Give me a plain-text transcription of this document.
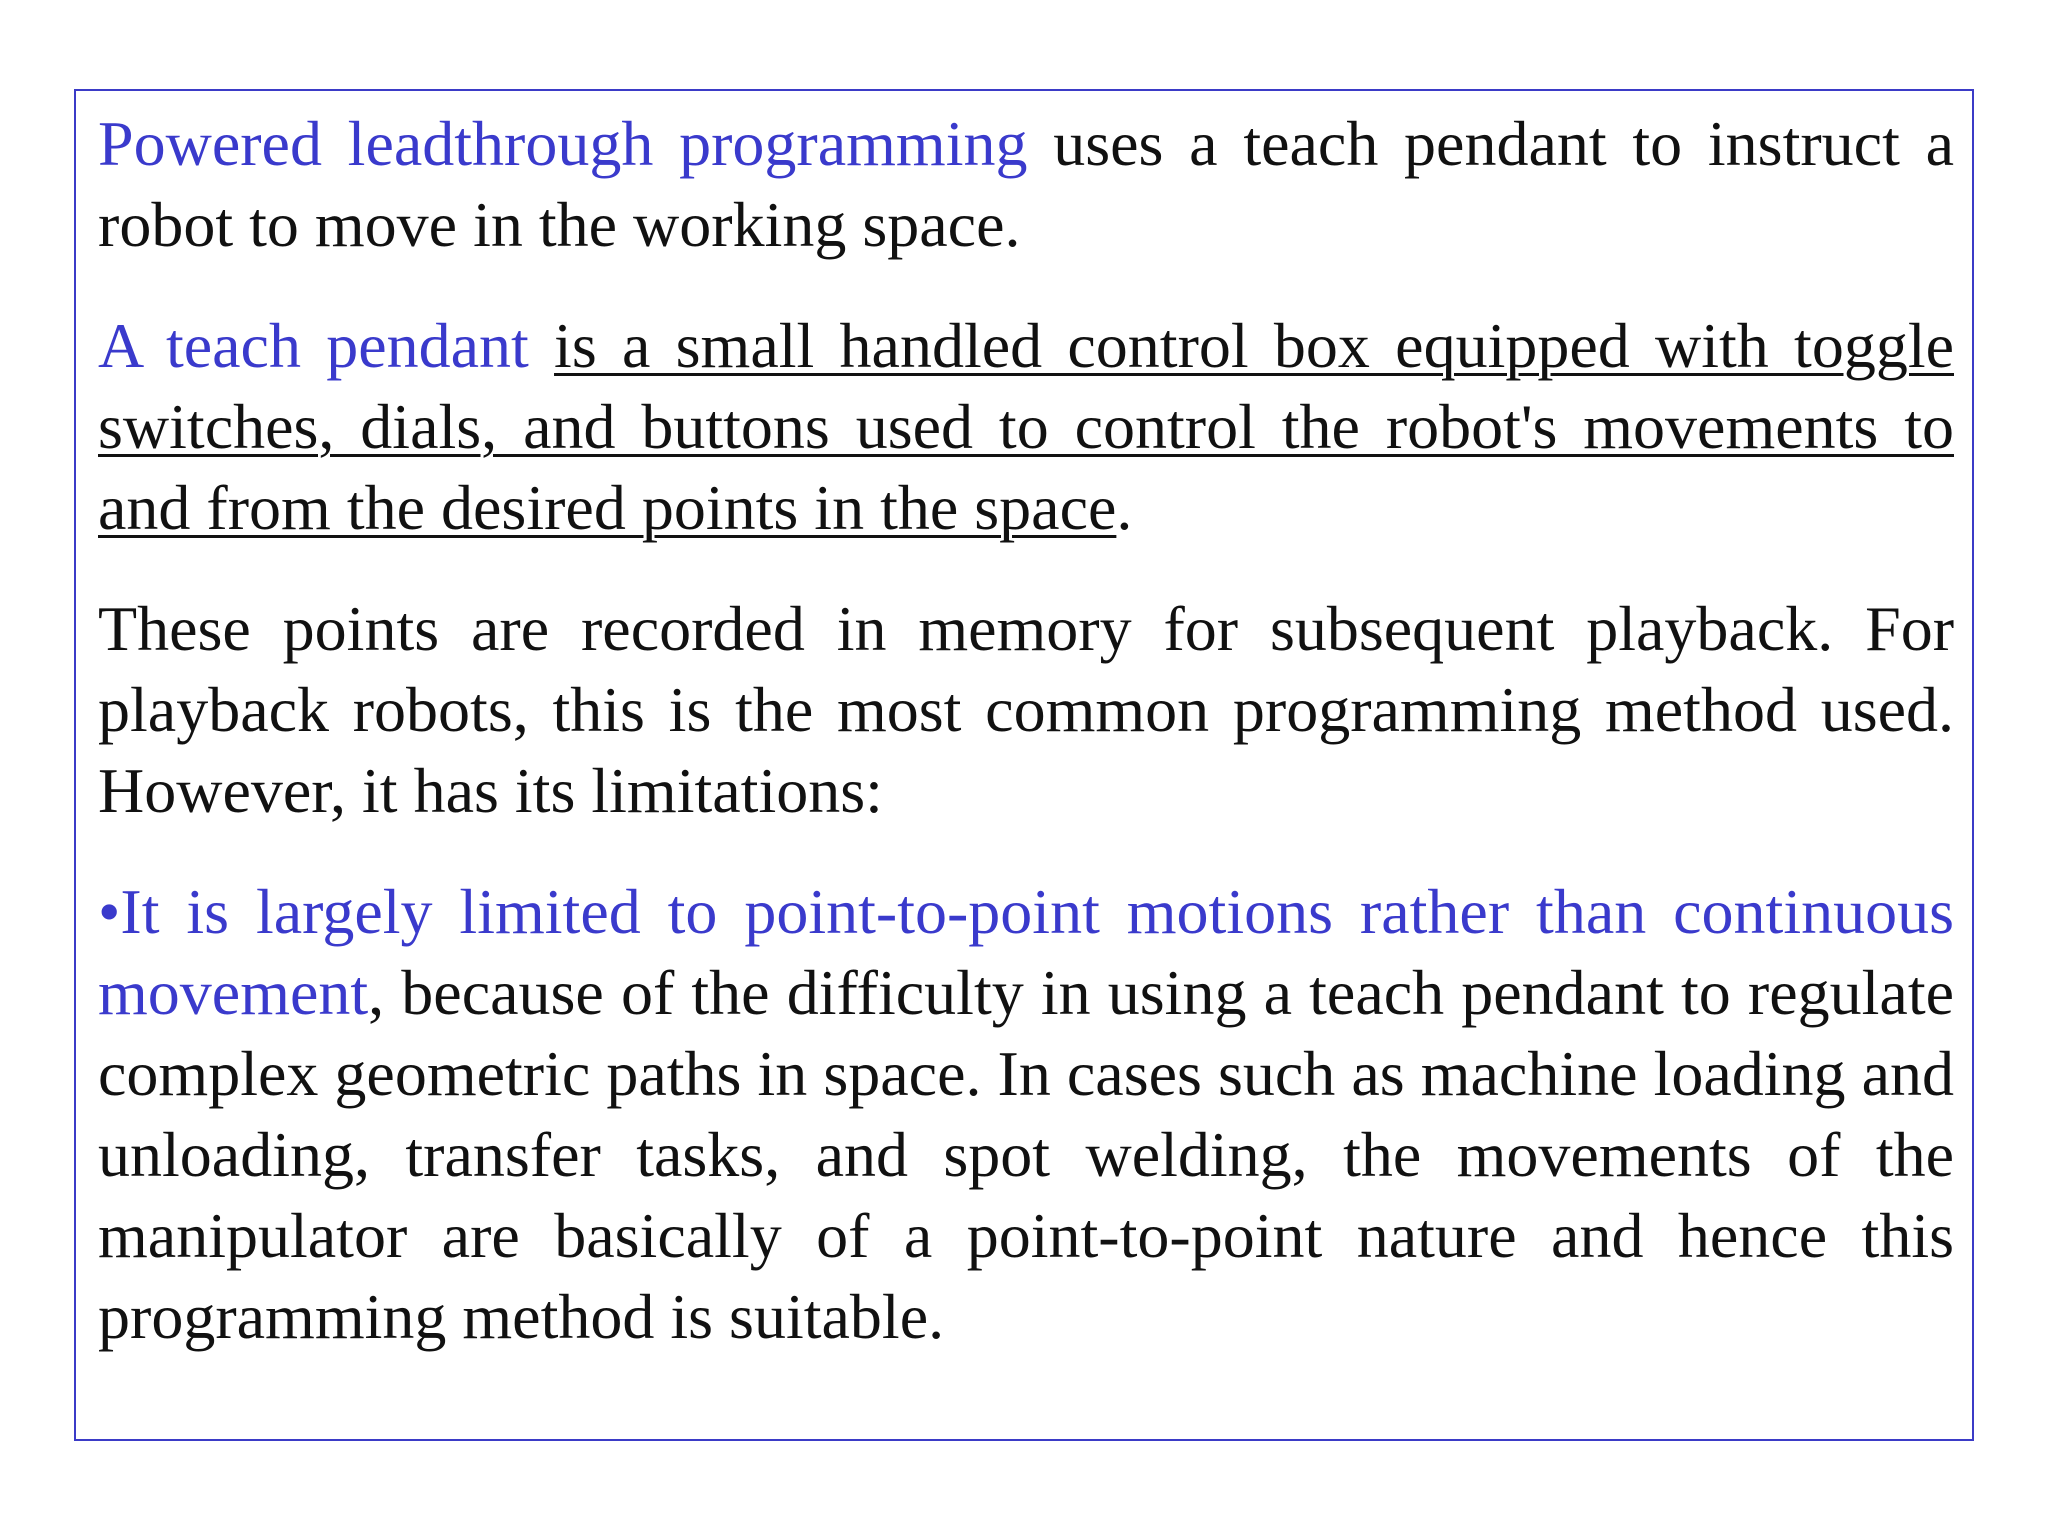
Powered leadthrough programming uses a teach pendant to instruct a robot to move in the working space.

A teach pendant is a small handled control box equipped with toggle switches, dials, and buttons used to control the robot's movements to and from the desired points in the space.

These points are recorded in memory for subsequent playback. For playback robots, this is the most common programming method used. However, it has its limitations:

•It is largely limited to point-to-point motions rather than continuous movement, because of the difficulty in using a teach pendant to regulate complex geometric paths in space. In cases such as machine loading and unloading, transfer tasks, and spot welding, the movements of the manipulator are basically of a point-to-point nature and hence this programming method is suitable.
